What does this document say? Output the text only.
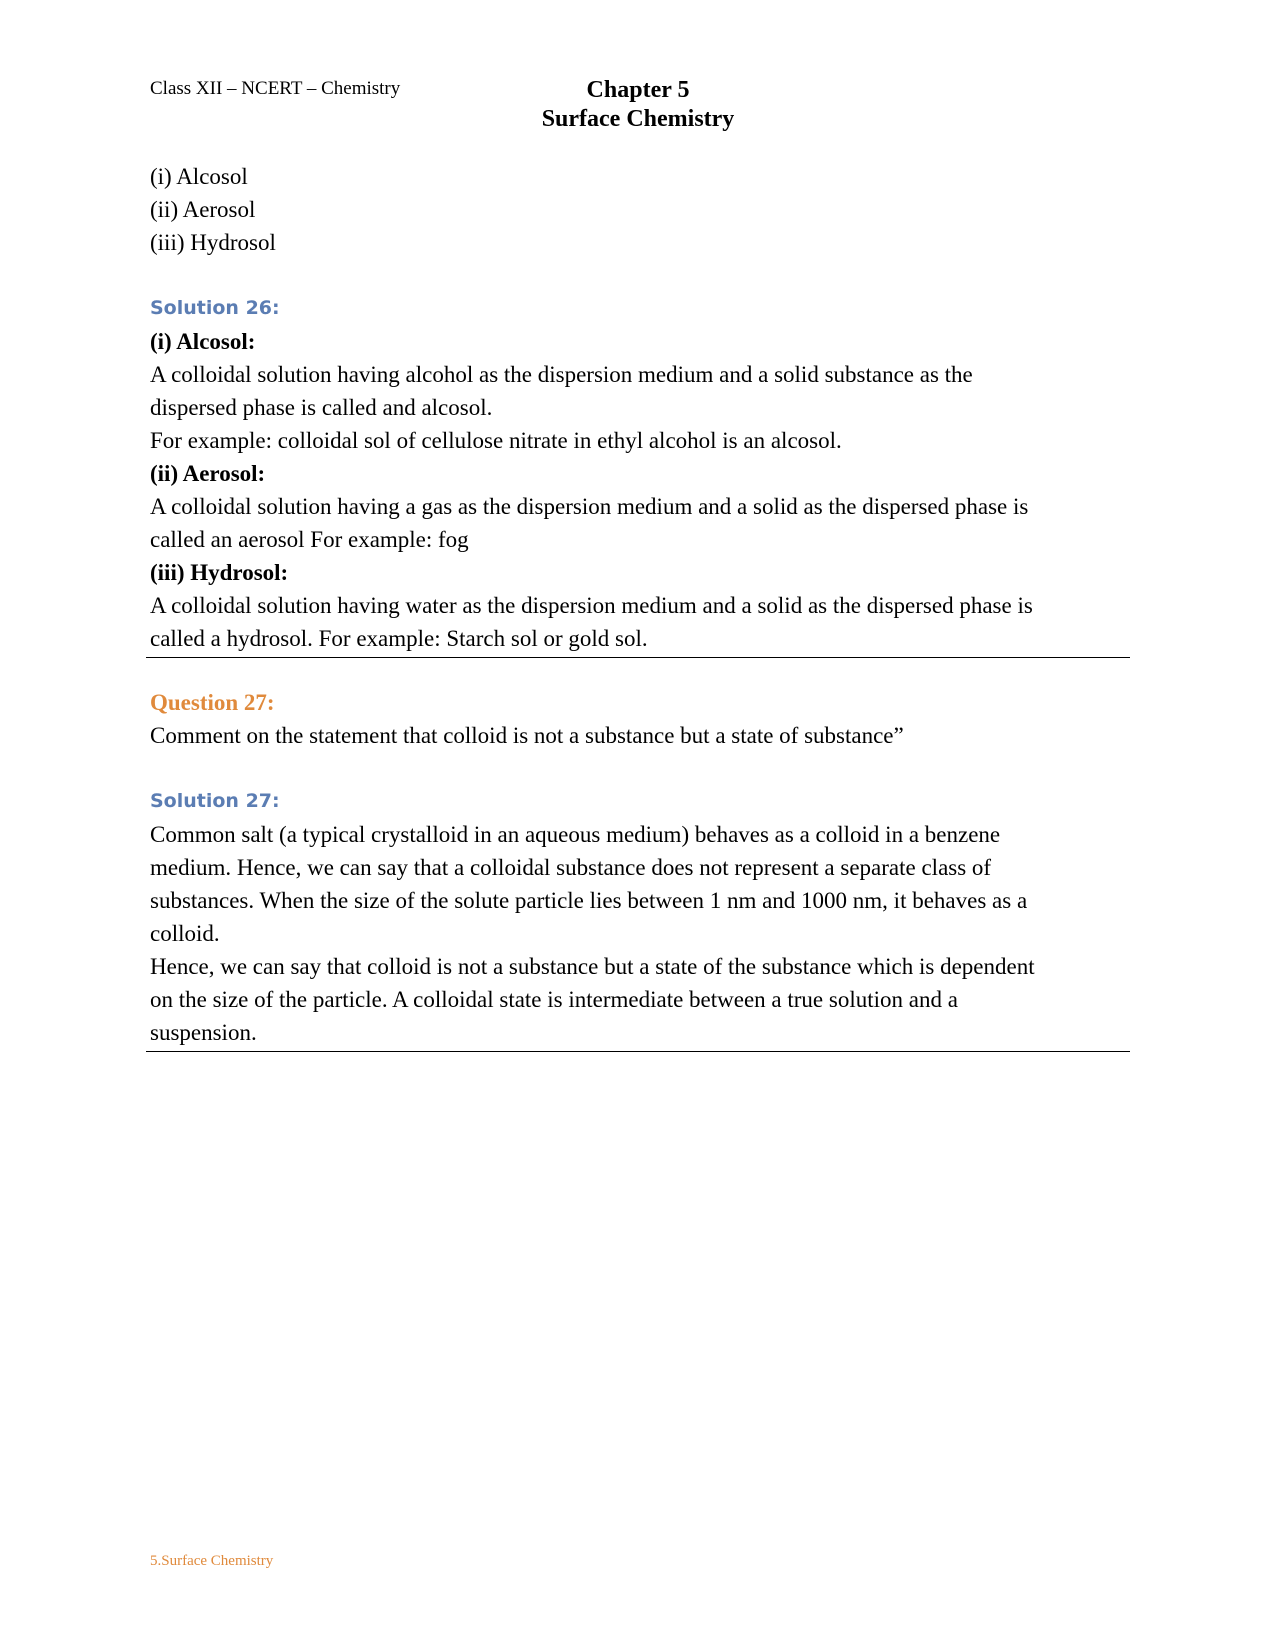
Class XII – NCERT – Chemistry	Chapter 5
Surface Chemistry

(i) Alcosol

(ii) Aerosol

(iii) Hydrosol

Solution 26:

(i) Alcosol:

A colloidal solution having alcohol as the dispersion medium and a solid substance as the

dispersed phase is called and alcosol.

For example: colloidal sol of cellulose nitrate in ethyl alcohol is an alcosol.

(ii) Aerosol:

A colloidal solution having a gas as the dispersion medium and a solid as the dispersed phase is

called an aerosol For example: fog

(iii) Hydrosol:

A colloidal solution having water as the dispersion medium and a solid as the dispersed phase is

called a hydrosol. For example: Starch sol or gold sol.

Question 27:

Comment on the statement that colloid is not a substance but a state of substance”

Solution 27:

Common salt (a typical crystalloid in an aqueous medium) behaves as a colloid in a benzene

medium. Hence, we can say that a colloidal substance does not represent a separate class of

substances. When the size of the solute particle lies between 1 nm and 1000 nm, it behaves as a

colloid.

Hence, we can say that colloid is not a substance but a state of the substance which is dependent

on the size of the particle. A colloidal state is intermediate between a true solution and a

suspension.

5.Surface Chemistry
